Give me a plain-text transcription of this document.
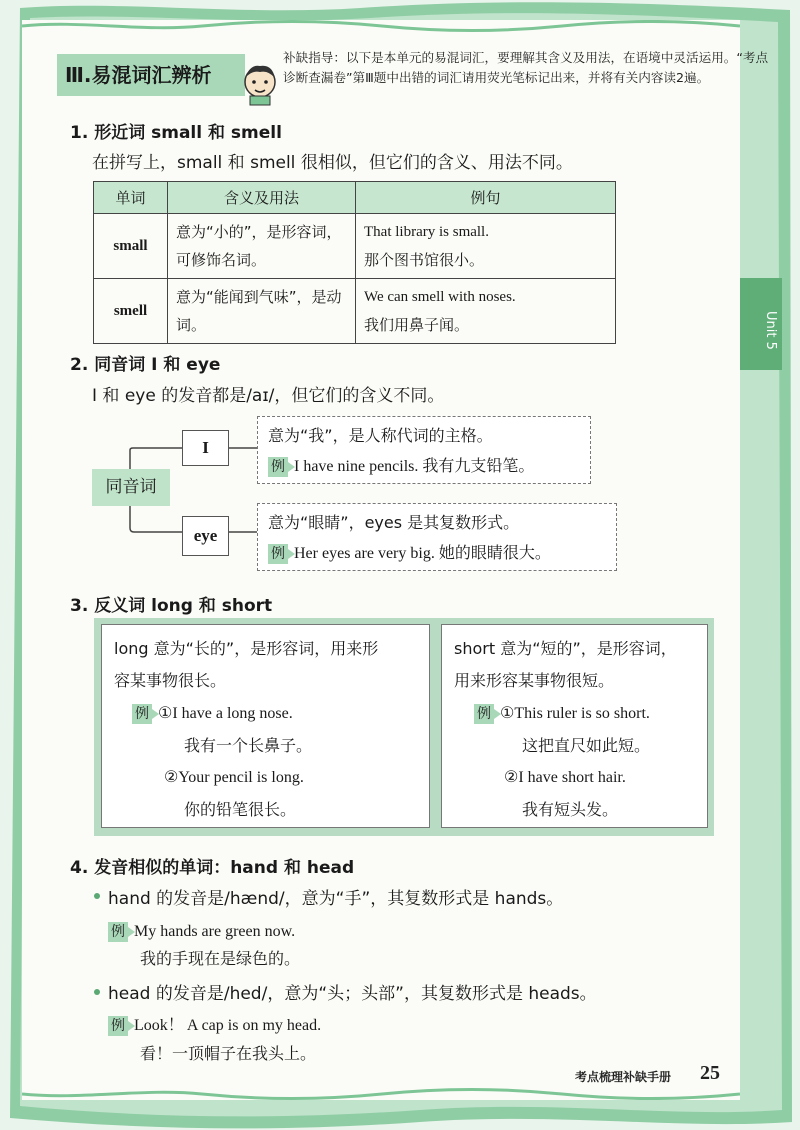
Unit 5
Ⅲ.易混词汇辨析
补缺指导：以下是本单元的易混词汇，要理解其含义及用法，在语境中灵活运用。“考点诊断查漏卷”第Ⅲ题中出错的词汇请用荧光笔标记出来，并将有关内容读2遍。
1. 形近词 small 和 smell
在拼写上，small 和 smell 很相似，但它们的含义、用法不同。
单词	含义及用法	例句
small	意为“小的”，是形容词，可修饰名词。	That library is small.
那个图书馆很小。

smell	意为“能闻到气味”，是动词。	We can smell with noses.
我们用鼻子闻。
2. 同音词 I 和 eye
I 和 eye 的发音都是/aɪ/，但它们的含义不同。
同音词
I
eye
意为“我”，是人称代词的主格。
例 I have nine pencils. 我有九支铅笔。
意为“眼睛”，eyes 是其复数形式。
例 Her eyes are very big. 她的眼睛很大。
3. 反义词 long 和 short
long 意为“长的”，是形容词，用来形
容某事物很长。
例 ①I have a long nose.
我有一个长鼻子。
②Your pencil is long.
你的铅笔很长。
short 意为“短的”，是形容词，
用来形容某事物很短。
例 ①This ruler is so short.
这把直尺如此短。
②I have short hair.
我有短头发。
4. 发音相似的单词：hand 和 head
hand 的发音是/hænd/，意为“手”，其复数形式是 hands。
例 My hands are green now.
我的手现在是绿色的。
head 的发音是/hed/，意为“头；头部”，其复数形式是 heads。
例 Look！ A cap is on my head.
看！一顶帽子在我头上。
考点梳理补缺手册 25
